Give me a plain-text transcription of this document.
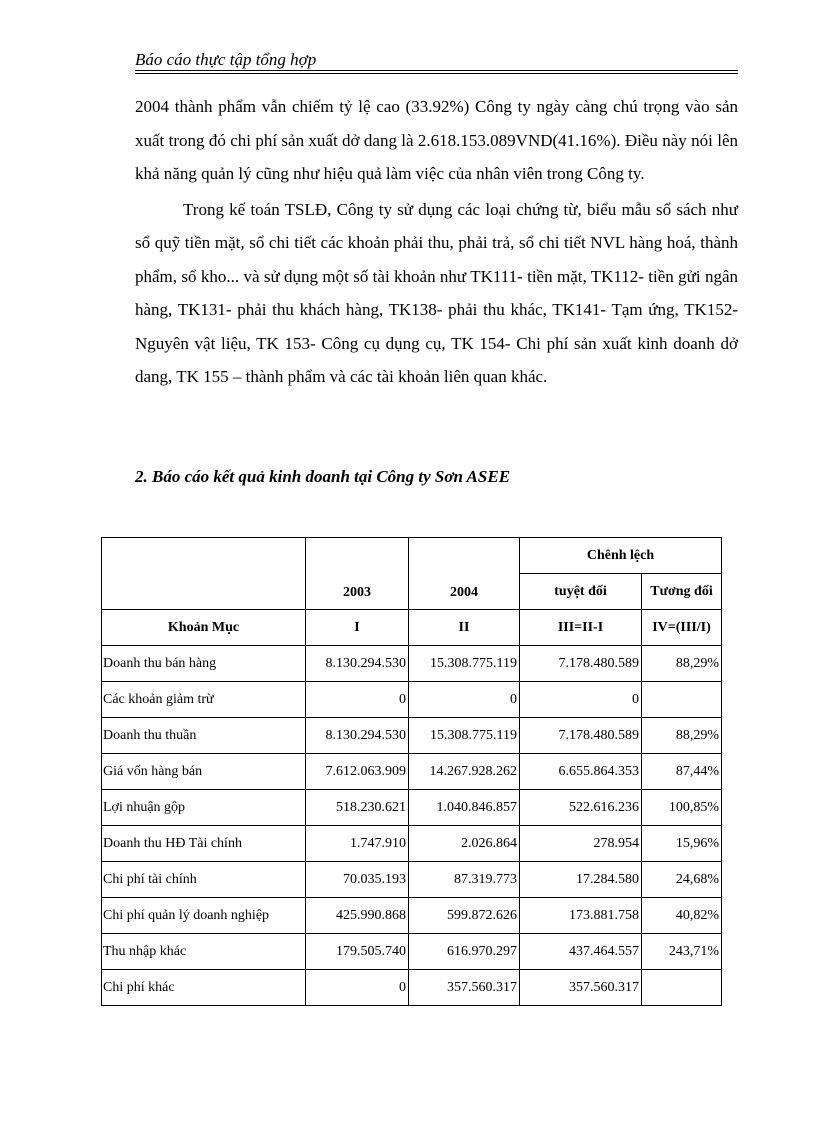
Báo cáo thực tập tổng hợp

2004 thành phẩm vẫn chiếm tỷ lệ cao (33.92%) Công ty ngày càng chú trọng vào sản xuất trong đó chi phí sản xuất dở dang là 2.618.153.089VND(41.16%). Điều này nói lên khả năng quản lý cũng như hiệu quả làm việc của nhân viên trong Công ty.

Trong kế toán TSLĐ, Công ty sử dụng các loại chứng từ, biểu mẫu sổ sách như sổ quỹ tiền mặt, sổ chi tiết các khoản phải thu, phải trả, sổ chi tiết NVL hàng hoá, thành phẩm, sổ kho... và sử dụng một số tài khoản như TK111- tiền mặt, TK112- tiền gửi ngân hàng, TK131- phải thu khách hàng, TK138- phải thu khác, TK141- Tạm ứng, TK152- Nguyên vật liệu, TK 153- Công cụ dụng cụ, TK 154- Chi phí sản xuất kinh doanh dở dang, TK 155 – thành phẩm và các tài khoản liên quan khác.

2. Báo cáo kết quả kinh doanh tại Công ty Sơn ASEE
	2003	2004	Chênh lệch	
			tuyệt đối	Tương đối
Khoản Mục	I	II	III=II-I	IV=(III/I)
Doanh thu bán hàng	8.130.294.530	15.308.775.119	7.178.480.589	88,29%
Các khoản giảm trừ	0	0	0	
Doanh thu thuần	8.130.294.530	15.308.775.119	7.178.480.589	88,29%
Giá vốn hàng bán	7.612.063.909	14.267.928.262	6.655.864.353	87,44%
Lợi nhuận gộp	518.230.621	1.040.846.857	522.616.236	100,85%
Doanh thu HĐ Tài chính	1.747.910	2.026.864	278.954	15,96%
Chi phí tài chính	70.035.193	87.319.773	17.284.580	24,68%
Chi phí quản lý doanh nghiệp	425.990.868	599.872.626	173.881.758	40,82%
Thu nhập khác	179.505.740	616.970.297	437.464.557	243,71%
Chi phí khác	0	357.560.317	357.560.317	
